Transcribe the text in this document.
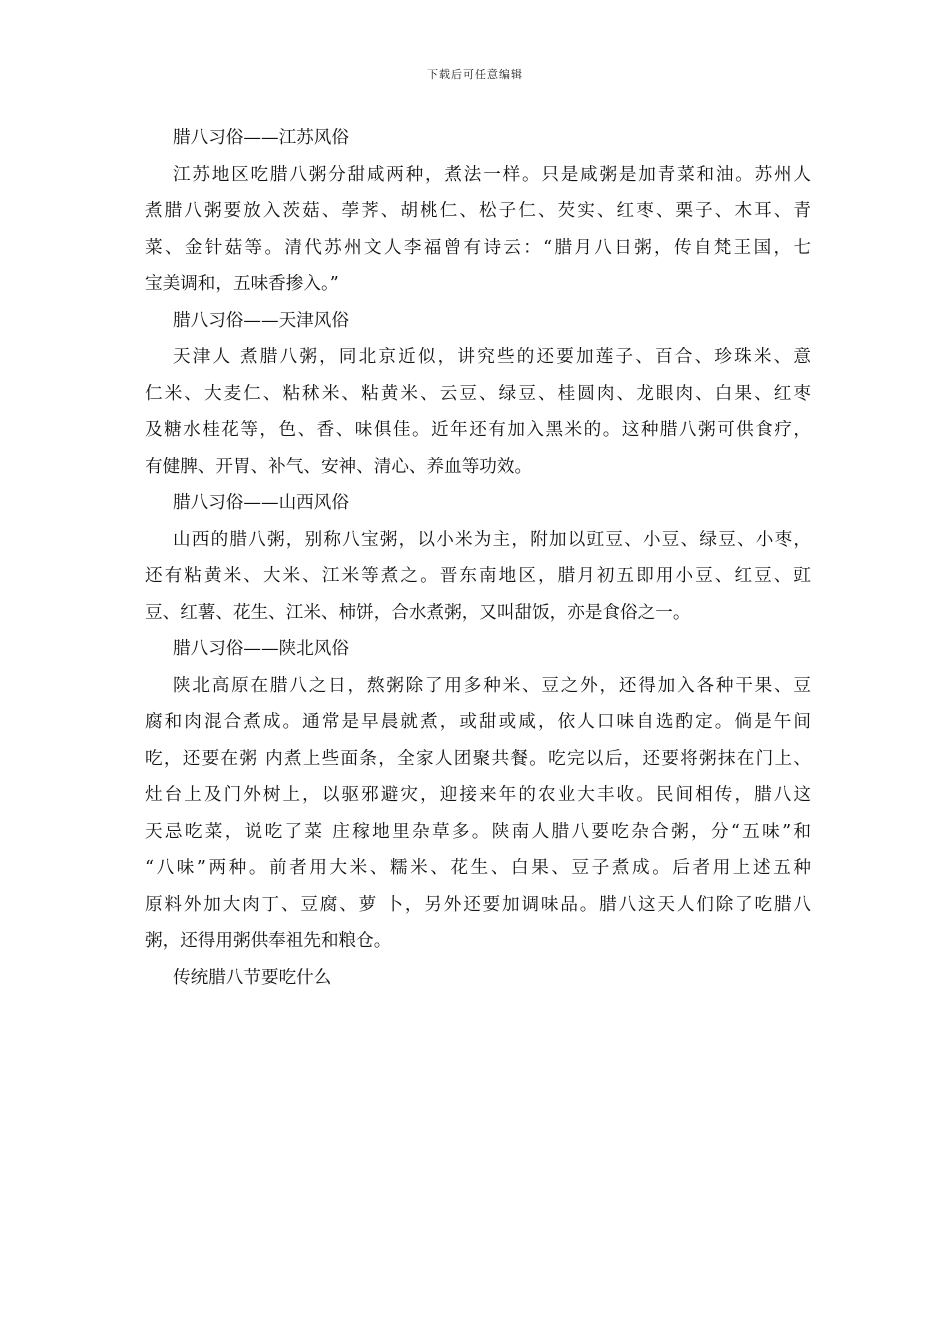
下载后可任意编辑
腊八习俗——江苏风俗
江苏地区吃腊八粥分甜咸两种，煮法一样。只是咸粥是加青菜和油。苏州人
煮腊八粥要放入茨菇、荸荠、胡桃仁、松子仁、芡实、红枣、栗子、木耳、青
菜、金针菇等。清代苏州文人李福曾有诗云：“腊月八日粥，传自梵王国，七
宝美调和，五味香掺入。”
腊八习俗——天津风俗
天津人 煮腊八粥，同北京近似，讲究些的还要加莲子、百合、珍珠米、意
仁米、大麦仁、粘秫米、粘黄米、云豆、绿豆、桂圆肉、龙眼肉、白果、红枣
及糖水桂花等，色、香、味俱佳。近年还有加入黑米的。这种腊八粥可供食疗，
有健脾、开胃、补气、安神、清心、养血等功效。
腊八习俗——山西风俗
山西的腊八粥，别称八宝粥，以小米为主，附加以豇豆、小豆、绿豆、小枣，
还有粘黄米、大米、江米等煮之。晋东南地区，腊月初五即用小豆、红豆、豇
豆、红薯、花生、江米、柿饼，合水煮粥，又叫甜饭，亦是食俗之一。
腊八习俗——陕北风俗
陕北高原在腊八之日，熬粥除了用多种米、豆之外，还得加入各种干果、豆
腐和肉混合煮成。通常是早晨就煮，或甜或咸，依人口味自选酌定。倘是午间
吃，还要在粥 内煮上些面条，全家人团聚共餐。吃完以后，还要将粥抹在门上、
灶台上及门外树上，以驱邪避灾，迎接来年的农业大丰收。民间相传，腊八这
天忌吃菜，说吃了菜 庄稼地里杂草多。陕南人腊八要吃杂合粥，分“五味”和
“八味”两种。前者用大米、糯米、花生、白果、豆子煮成。后者用上述五种
原料外加大肉丁、豆腐、萝 卜，另外还要加调味品。腊八这天人们除了吃腊八
粥，还得用粥供奉祖先和粮仓。
传统腊八节要吃什么
